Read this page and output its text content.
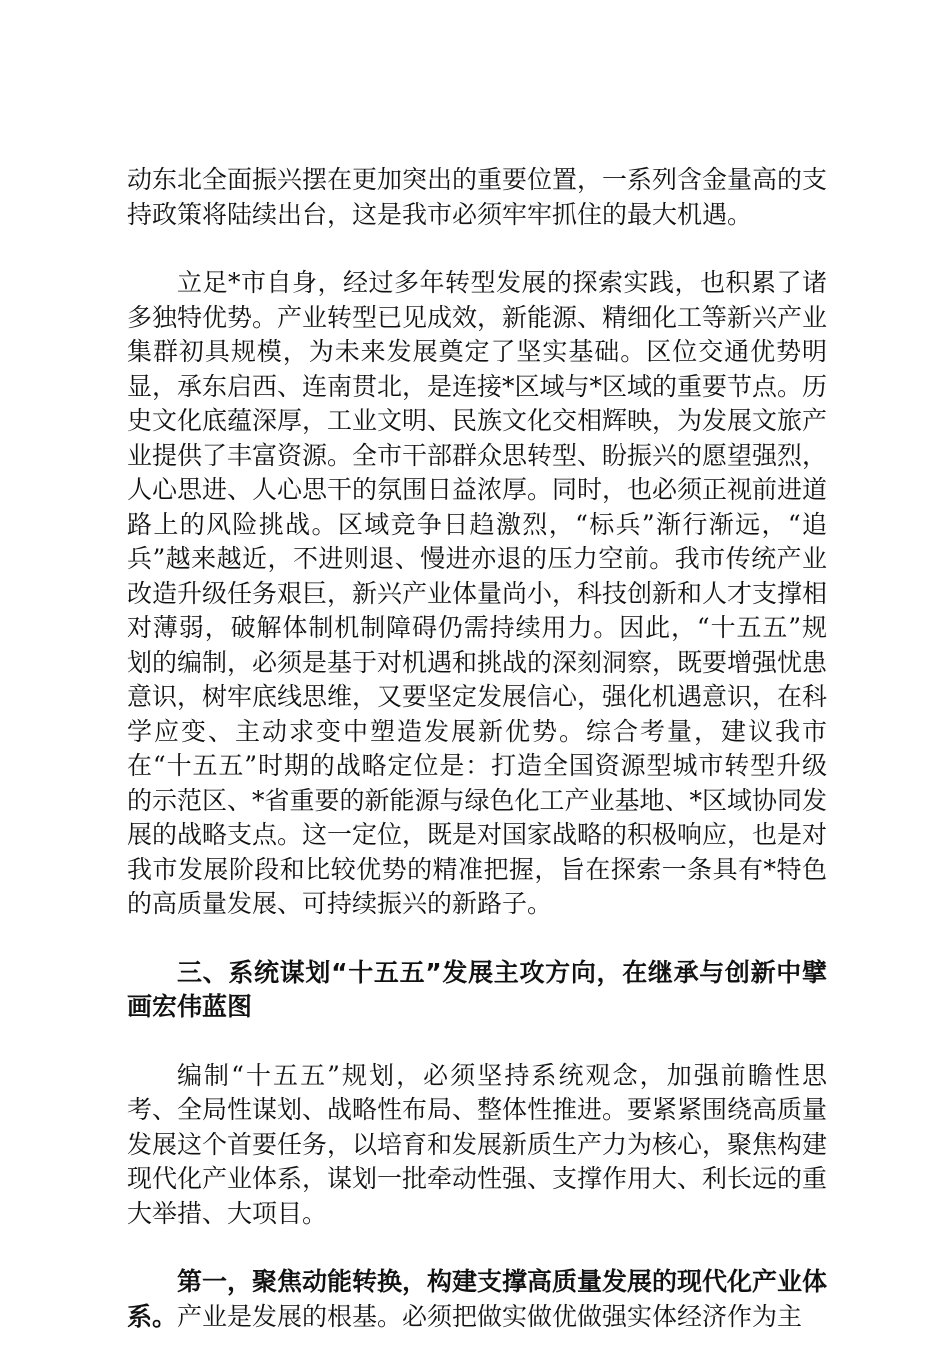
动东北全面振兴摆在更加突出的重要位置，一系列含金量高的支持政策将陆续出台，这是我市必须牢牢抓住的最大机遇。

立足*市自身，经过多年转型发展的探索实践，也积累了诸多独特优势。产业转型已见成效，新能源、精细化工等新兴产业集群初具规模，为未来发展奠定了坚实基础。区位交通优势明显，承东启西、连南贯北，是连接*区域与*区域的重要节点。历史文化底蕴深厚，工业文明、民族文化交相辉映，为发展文旅产业提供了丰富资源。全市干部群众思转型、盼振兴的愿望强烈，人心思进、人心思干的氛围日益浓厚。同时，也必须正视前进道路上的风险挑战。区域竞争日趋激烈，“标兵”渐行渐远，“追兵”越来越近，不进则退、慢进亦退的压力空前。我市传统产业改造升级任务艰巨，新兴产业体量尚小，科技创新和人才支撑相对薄弱，破解体制机制障碍仍需持续用力。因此，“十五五”规划的编制，必须是基于对机遇和挑战的深刻洞察，既要增强忧患意识，树牢底线思维，又要坚定发展信心，强化机遇意识，在科学应变、主动求变中塑造发展新优势。综合考量，建议我市在“十五五”时期的战略定位是：打造全国资源型城市转型升级的示范区、*省重要的新能源与绿色化工产业基地、*区域协同发展的战略支点。这一定位，既是对国家战略的积极响应，也是对我市发展阶段和比较优势的精准把握，旨在探索一条具有*特色的高质量发展、可持续振兴的新路子。

三、系统谋划“十五五”发展主攻方向，在继承与创新中擘画宏伟蓝图

编制“十五五”规划，必须坚持系统观念，加强前瞻性思考、全局性谋划、战略性布局、整体性推进。要紧紧围绕高质量发展这个首要任务，以培育和发展新质生产力为核心，聚焦构建现代化产业体系，谋划一批牵动性强、支撑作用大、利长远的重大举措、大项目。

第一，聚焦动能转换，构建支撑高质量发展的现代化产业体系。产业是发展的根基。必须把做实做优做强实体经济作为主
